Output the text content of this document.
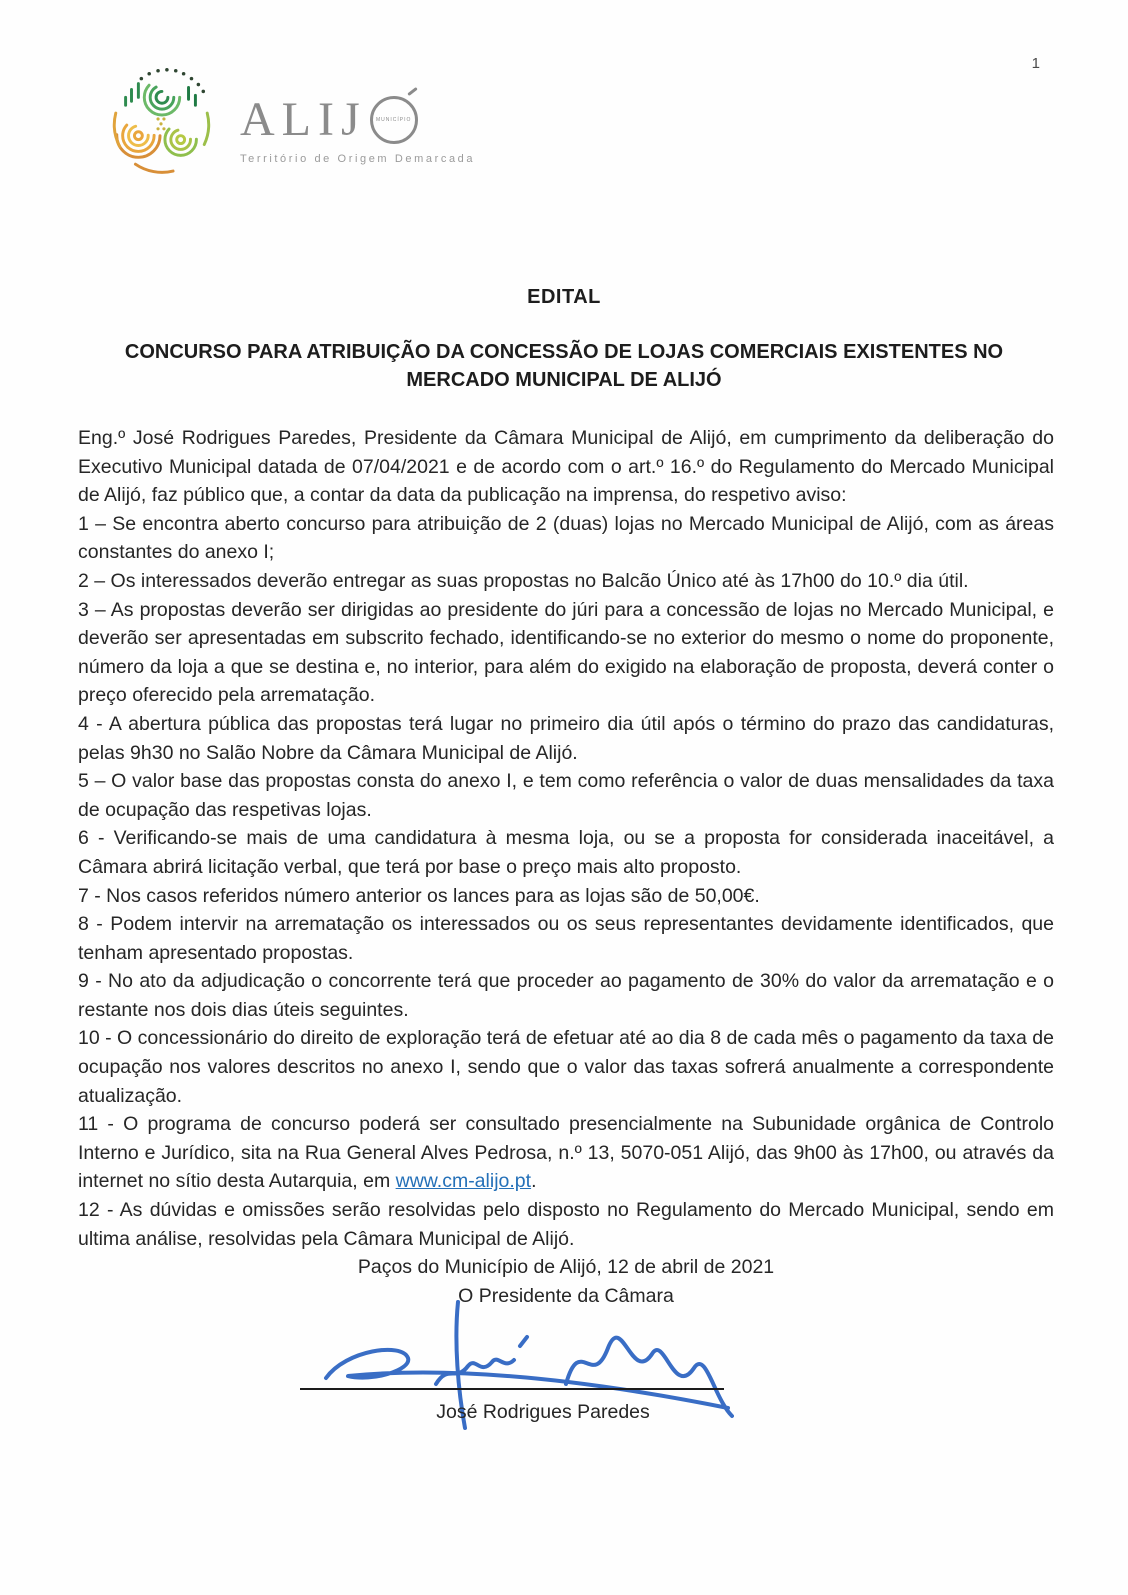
1
ALIJ MUNICÍPIO
Território de Origem Demarcada
EDITAL
CONCURSO PARA ATRIBUIÇÃO DA CONCESSÃO DE LOJAS COMERCIAIS EXISTENTES NO MERCADO MUNICIPAL DE ALIJÓ

Eng.º José Rodrigues Paredes, Presidente da Câmara Municipal de Alijó, em cumprimento da deliberação do Executivo Municipal datada de 07/04/2021 e de acordo com o art.º 16.º do Regulamento do Mercado Municipal de Alijó, faz público que, a contar da data da publicação na imprensa, do respetivo aviso:

1 – Se encontra aberto concurso para atribuição de 2 (duas) lojas no Mercado Municipal de Alijó, com as áreas constantes do anexo I;

2 – Os interessados deverão entregar as suas propostas no Balcão Único até às 17h00 do 10.º dia útil.

3 – As propostas deverão ser dirigidas ao presidente do júri para a concessão de lojas no Mercado Municipal, e deverão ser apresentadas em subscrito fechado, identificando-se no exterior do mesmo o nome do proponente, número da loja a que se destina e, no interior, para além do exigido na elaboração de proposta, deverá conter o preço oferecido pela arrematação.

4 - A abertura pública das propostas terá lugar no primeiro dia útil após o término do prazo das candidaturas, pelas 9h30 no Salão Nobre da Câmara Municipal de Alijó.

5 – O valor base das propostas consta do anexo I, e tem como referência o valor de duas mensalidades da taxa de ocupação das respetivas lojas.

6 - Verificando-se mais de uma candidatura à mesma loja, ou se a proposta for considerada inaceitável, a Câmara abrirá licitação verbal, que terá por base o preço mais alto proposto.

7 - Nos casos referidos número anterior os lances para as lojas são de 50,00€.

8 - Podem intervir na arrematação os interessados ou os seus representantes devidamente identificados, que tenham apresentado propostas.

9 - No ato da adjudicação o concorrente terá que proceder ao pagamento de 30% do valor da arrematação e o restante nos dois dias úteis seguintes.

10 - O concessionário do direito de exploração terá de efetuar até ao dia 8 de cada mês o pagamento da taxa de ocupação nos valores descritos no anexo I, sendo que o valor das taxas sofrerá anualmente a correspondente atualização.

11 - O programa de concurso poderá ser consultado presencialmente na Subunidade orgânica de Controlo Interno e Jurídico, sita na Rua General Alves Pedrosa, n.º 13, 5070-051 Alijó, das 9h00 às 17h00, ou através da internet no sítio desta Autarquia, em www.cm-alijo.pt.

12 - As dúvidas e omissões serão resolvidas pelo disposto no Regulamento do Mercado Municipal, sendo em ultima análise, resolvidas pela Câmara Municipal de Alijó.

Paços do Município de Alijó, 12 de abril de 2021

O Presidente da Câmara

José Rodrigues Paredes
